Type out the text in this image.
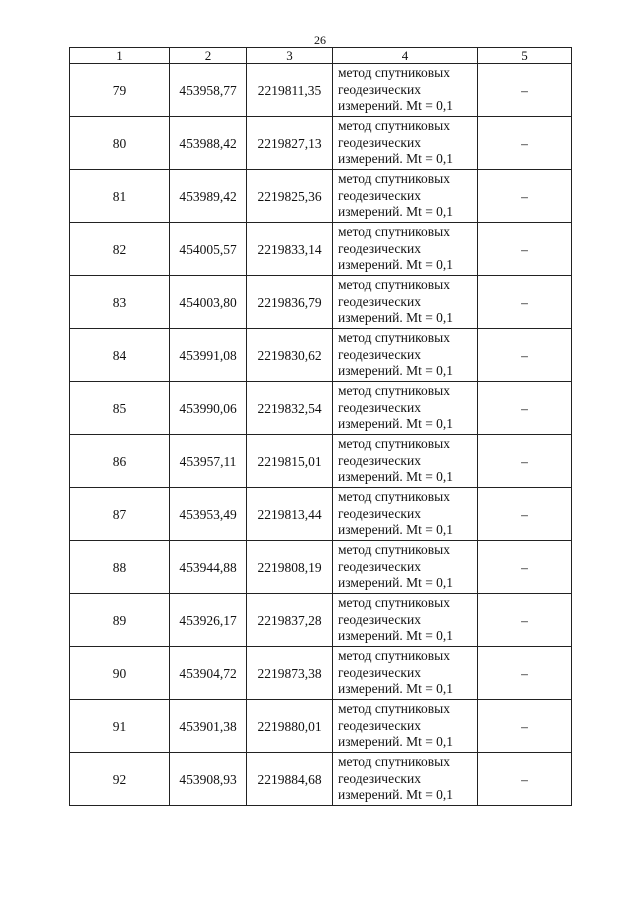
26
1	2	3	4	5
79	453958,77	2219811,35	метод спутниковых
геодезических
измерений. Mt = 0,1	–
80	453988,42	2219827,13	метод спутниковых
геодезических
измерений. Mt = 0,1	–
81	453989,42	2219825,36	метод спутниковых
геодезических
измерений. Mt = 0,1	–
82	454005,57	2219833,14	метод спутниковых
геодезических
измерений. Mt = 0,1	–
83	454003,80	2219836,79	метод спутниковых
геодезических
измерений. Mt = 0,1	–
84	453991,08	2219830,62	метод спутниковых
геодезических
измерений. Mt = 0,1	–
85	453990,06	2219832,54	метод спутниковых
геодезических
измерений. Mt = 0,1	–
86	453957,11	2219815,01	метод спутниковых
геодезических
измерений. Mt = 0,1	–
87	453953,49	2219813,44	метод спутниковых
геодезических
измерений. Mt = 0,1	–
88	453944,88	2219808,19	метод спутниковых
геодезических
измерений. Mt = 0,1	–
89	453926,17	2219837,28	метод спутниковых
геодезических
измерений. Mt = 0,1	–
90	453904,72	2219873,38	метод спутниковых
геодезических
измерений. Mt = 0,1	–
91	453901,38	2219880,01	метод спутниковых
геодезических
измерений. Mt = 0,1	–
92	453908,93	2219884,68	метод спутниковых
геодезических
измерений. Mt = 0,1	–
